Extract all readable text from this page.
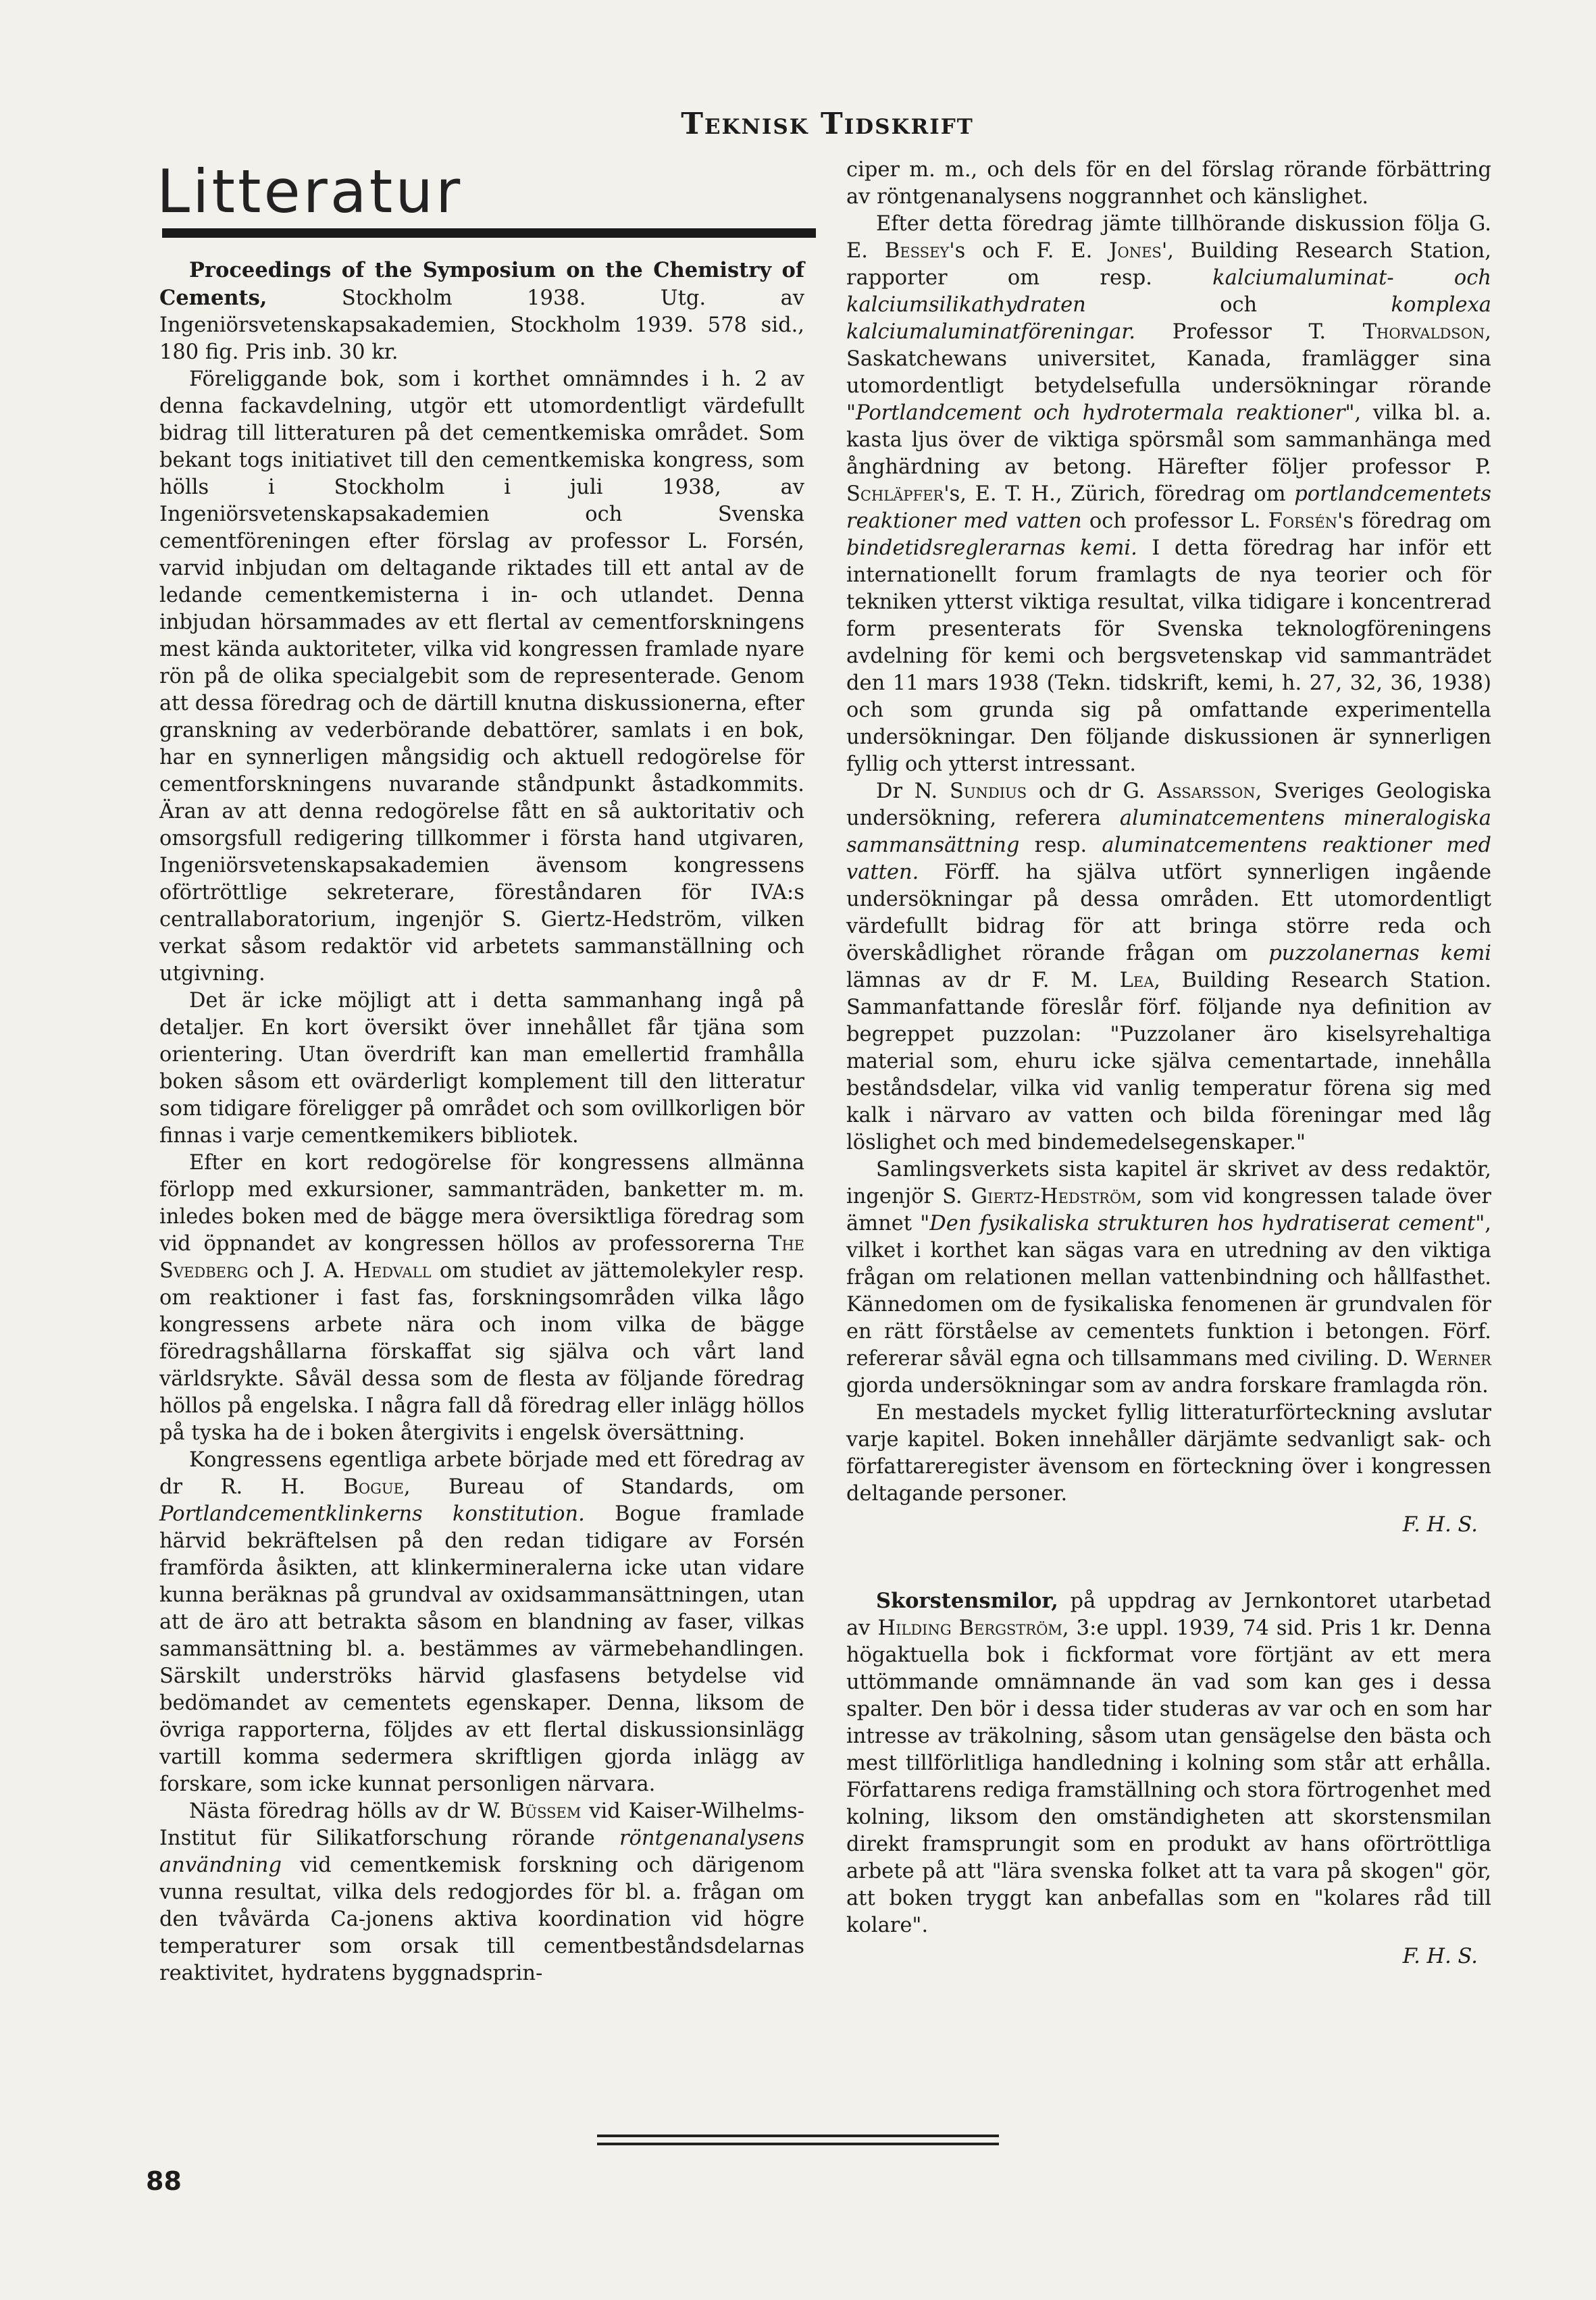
Teknisk Tidskrift
Litteratur

Proceedings of the Symposium on the Chemistry of Cements,	Stockholm 1938. Utg. av Ingeniörsvetenskapsakademien, Stockholm 1939. 578 sid., 180 fig. Pris inb. 30 kr.

Föreliggande bok, som i korthet omnämndes i h. 2 av denna fackavdelning, utgör ett utomordentligt värdefullt bidrag till litteraturen på det cementkemiska området. Som bekant togs initiativet till den cementkemiska kongress, som hölls i Stockholm i juli 1938, av Ingeniörsvetenskapsakademien och Svenska cementföreningen efter förslag av professor L. Forsén, varvid inbjudan om deltagande riktades till ett antal av de ledande cementkemisterna i in- och utlandet. Denna inbjudan hörsammades av ett flertal av cementforskningens mest kända auktoriteter, vilka vid kongressen framlade nyare rön på de olika specialgebit som de representerade. Genom att dessa föredrag och de därtill knutna diskussionerna, efter granskning av vederbörande debattörer, samlats i en bok, har en synnerligen mångsidig och aktuell redogörelse för cementforskningens nuvarande ståndpunkt åstadkommits. Äran av att denna redogörelse fått en så auktoritativ och omsorgsfull redigering tillkommer i första hand utgivaren, Ingeniörsvetenskapsakademien ävensom kongressens oförtröttlige sekreterare, föreståndaren för IVA:s centrallaboratorium, ingenjör S. Giertz-Hedström, vilken verkat såsom redaktör vid arbetets sammanställning och utgivning.

Det är icke möjligt att i detta sammanhang ingå på detaljer. En kort översikt över innehållet får tjäna som orientering. Utan överdrift kan man emellertid framhålla boken såsom ett ovärderligt komplement till den litteratur som tidigare föreligger på området och som ovillkorligen bör finnas i varje cementkemikers bibliotek.

Efter en kort redogörelse för kongressens allmänna förlopp med exkursioner, sammanträden, banketter m. m. inledes boken med de bägge mera översiktliga föredrag som vid öppnandet av kongressen höllos av professorerna The Svedberg och J. A. Hedvall om studiet av jättemolekyler resp. om reaktioner i fast fas, forskningsområden vilka lågo kongressens arbete nära och inom vilka de bägge föredragshållarna förskaffat sig själva och vårt land världsrykte. Såväl dessa som de flesta av följande föredrag höllos på engelska. I några fall då föredrag eller inlägg höllos på tyska ha de i boken återgivits i engelsk översättning.

Kongressens egentliga arbete började med ett föredrag av dr R. H. Bogue, Bureau of Standards, om Portlandcementklinkerns konstitution. Bogue framlade härvid bekräftelsen på den redan tidigare av Forsén framförda åsikten, att klinkermineralerna icke utan vidare kunna beräknas på grundval av oxidsammansättningen, utan att de äro att betrakta såsom en blandning av faser, vilkas sammansättning bl. a. bestämmes av värmebehandlingen. Särskilt underströks härvid glasfasens betydelse vid bedömandet av cementets egenskaper. Denna, liksom de övriga rapporterna, följdes av ett flertal diskussionsinlägg vartill komma sedermera skriftligen gjorda inlägg av forskare, som icke kunnat personligen närvara.

Nästa föredrag hölls av dr W. Büssem vid Kaiser-Wilhelms-Institut für Silikatforschung rörande röntgenanalysens användning vid cementkemisk forskning och därigenom vunna resultat, vilka dels redogjordes för bl. a. frågan om den tvåvärda Ca-jonens aktiva koordination vid högre temperaturer som orsak till cementbeståndsdelarnas reaktivitet, hydratens byggnadsprin-

ciper m. m., och dels för en del förslag rörande förbättring av röntgenanalysens noggrannhet och känslighet.

Efter detta föredrag jämte tillhörande diskussion följa G. E. Bessey's och F. E. Jones', Building Research Station, rapporter om resp.	kalciumaluminat- och kalciumsilikathydraten	och	komplexa kalciumaluminatföreningar. Professor T. Thorvaldson, Saskatchewans universitet, Kanada, framlägger sina utomordentligt betydelsefulla undersökningar rörande "Portlandcement och hydrotermala reaktioner", vilka bl. a. kasta ljus över de viktiga spörsmål som sammanhänga med ånghärdning av betong. Härefter följer professor P. Schläpfer's, E. T. H., Zürich, föredrag om portlandcementets reaktioner med vatten och professor L. Forsén's föredrag om bindetidsreglerarnas kemi. I detta föredrag har inför ett internationellt forum framlagts de nya teorier och för tekniken ytterst viktiga resultat, vilka tidigare i koncentrerad form presenterats för Svenska teknologföreningens avdelning för kemi och bergsvetenskap vid sammanträdet den 11 mars 1938 (Tekn. tidskrift, kemi, h. 27, 32, 36, 1938) och som grunda sig på omfattande experimentella undersökningar. Den följande diskussionen är synnerligen fyllig och ytterst intressant.

Dr N. Sundius och dr G. Assarsson, Sveriges Geologiska undersökning, referera aluminatcementens mineralogiska sammansättning resp. aluminatcementens reaktioner med vatten. Förff. ha själva utfört synnerligen ingående undersökningar på dessa områden. Ett utomordentligt värdefullt bidrag för att bringa större reda och överskådlighet rörande frågan om puzzolanernas kemi lämnas av dr F. M. Lea, Building Research Station. Sammanfattande föreslår förf. följande nya definition av begreppet puzzolan: "Puzzolaner äro kiselsyrehaltiga material som, ehuru icke själva cementartade, innehålla beståndsdelar, vilka vid vanlig temperatur förena sig med kalk i närvaro av vatten och bilda föreningar med låg löslighet och med bindemedelsegenskaper."

Samlingsverkets sista kapitel är skrivet av dess redaktör, ingenjör S. Giertz-Hedström, som vid kongressen talade över ämnet "Den fysikaliska strukturen hos hydratiserat cement", vilket i korthet kan sägas vara en utredning av den viktiga frågan om relationen mellan vattenbindning och hållfasthet. Kännedomen om de fysikaliska fenomenen är grundvalen för en rätt förståelse av cementets funktion i betongen. Förf. refererar såväl egna och tillsammans med civiling. D. Werner gjorda undersökningar som av andra forskare framlagda rön.

En mestadels mycket fyllig litteraturförteckning avslutar varje kapitel. Boken innehåller därjämte sedvanligt sak- och författareregister ävensom en förteckning över i kongressen deltagande personer.

F. H. S.

Skorstensmilor, på uppdrag av Jernkontoret utarbetad av Hilding Bergström, 3:e uppl. 1939, 74 sid. Pris 1 kr. Denna högaktuella bok i fickformat vore förtjänt av ett mera uttömmande omnämnande än vad som kan ges i dessa spalter. Den bör i dessa tider studeras av var och en som har intresse av träkolning, såsom utan gensägelse den bästa och mest tillförlitliga handledning i kolning som står att erhålla. Författarens rediga framställning och stora förtrogenhet med kolning, liksom den omständigheten att skorstensmilan direkt framsprungit som en produkt av hans oförtröttliga arbete på att "lära svenska folket att ta vara på skogen" gör, att boken tryggt kan anbefallas som en "kolares råd till kolare".

F. H. S.

88
